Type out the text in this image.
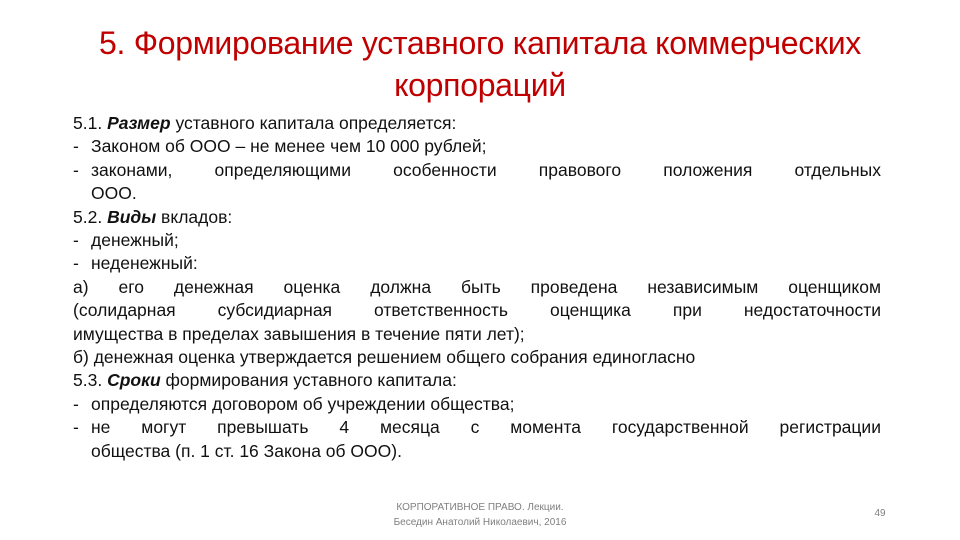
5. Формирование уставного капитала коммерческих корпораций
5.1.
Размер
уставного капитала определяется:
- Законом об ООО – не менее чем 10 000 рублей;
- законами, определяющими особенности правового положения отдельных
ООО.
5.2.
Виды
вкладов:
- денежный;
- неденежный:
а) его денежная оценка должна быть проведена независимым оценщиком
(солидарная субсидиарная ответственность оценщика при недостаточности
имущества в пределах завышения в течение пяти лет);
б) денежная оценка утверждается решением общего собрания единогласно
5.3.
Сроки
формирования уставного капитала:
- определяются договором об учреждении общества;
- не могут превышать 4 месяца с момента государственной регистрации
общества (п. 1 ст. 16 Закона об ООО).
КОРПОРАТИВНОЕ ПРАВО. Лекции.
Беседин Анатолий Николаевич, 2016
49
